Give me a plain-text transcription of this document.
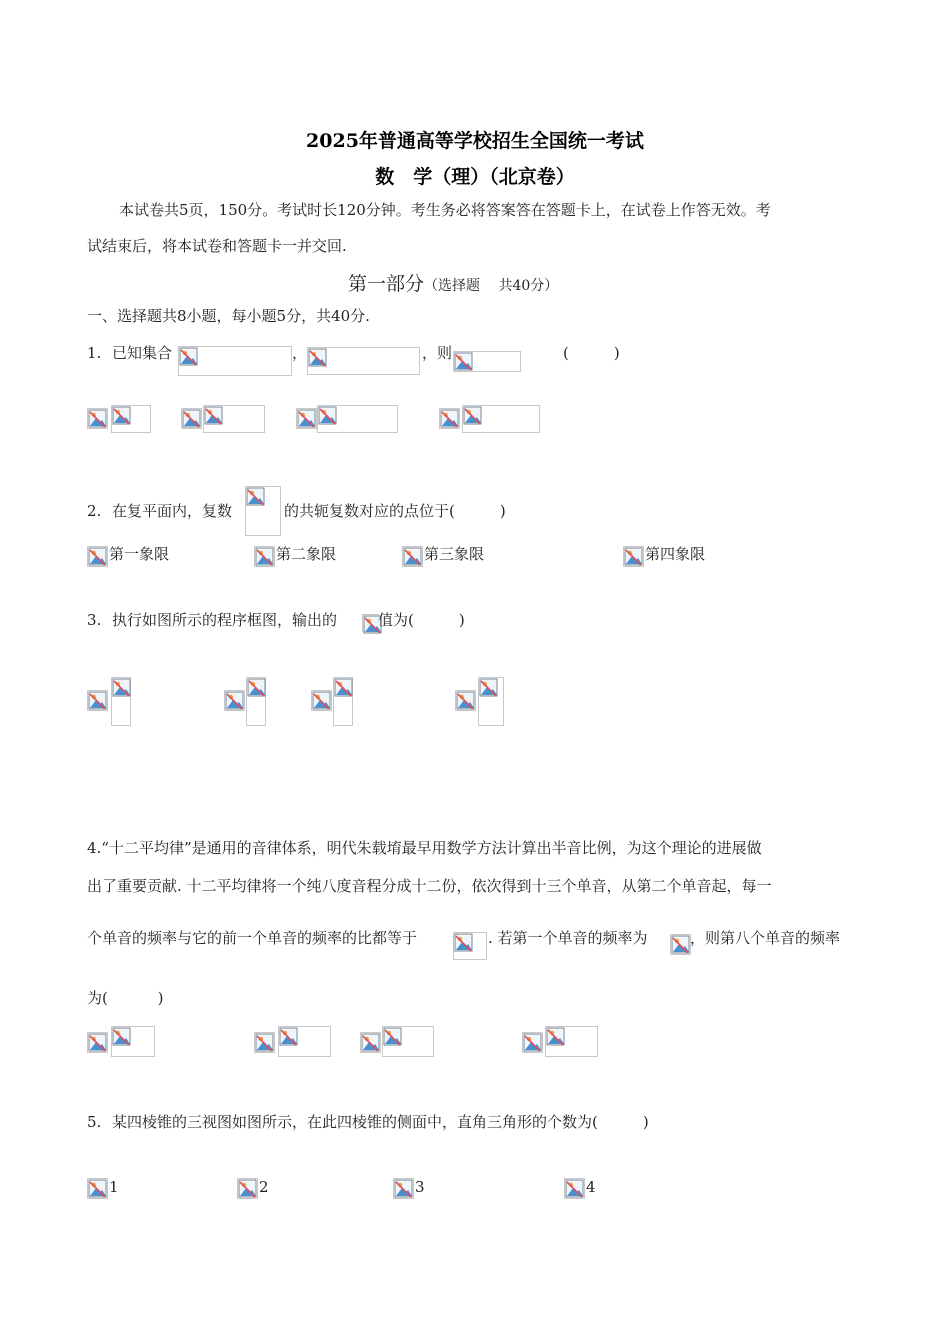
2025年普通高等学校招生全国统一考试
数　学（理）（北京卷）
本试卷共5页，150分。考试时长120分钟。考生务必将答案答在答题卡上，在试卷上作答无效。考
试结束后，将本试卷和答题卡一并交回.
第一部分（选择题　 共40分）
一、选择题共8小题，每小题5分，共40分.
1. 已知集合	，	，则	(　　　)
2. 在复平面内，复数	的共轭复数对应的点位于(　　　)
第一象限	第二象限	第三象限	第四象限
3. 执行如图所示的程序框图，输出的	值为(　　　)
4.“十二平均律”是通用的音律体系，明代朱载堉最早用数学方法计算出半音比例，为这个理论的进展做
出了重要贡献. 十二平均律将一个纯八度音程分成十二份，依次得到十三个单音，从第二个单音起，每一
个单音的频率与它的前一个单音的频率的比都等于	. 若第一个单音的频率为	，则第八个单音的频率
为(　　　 )
5. 某四棱锥的三视图如图所示，在此四棱锥的侧面中，直角三角形的个数为(　　　)
1	2	3	4
